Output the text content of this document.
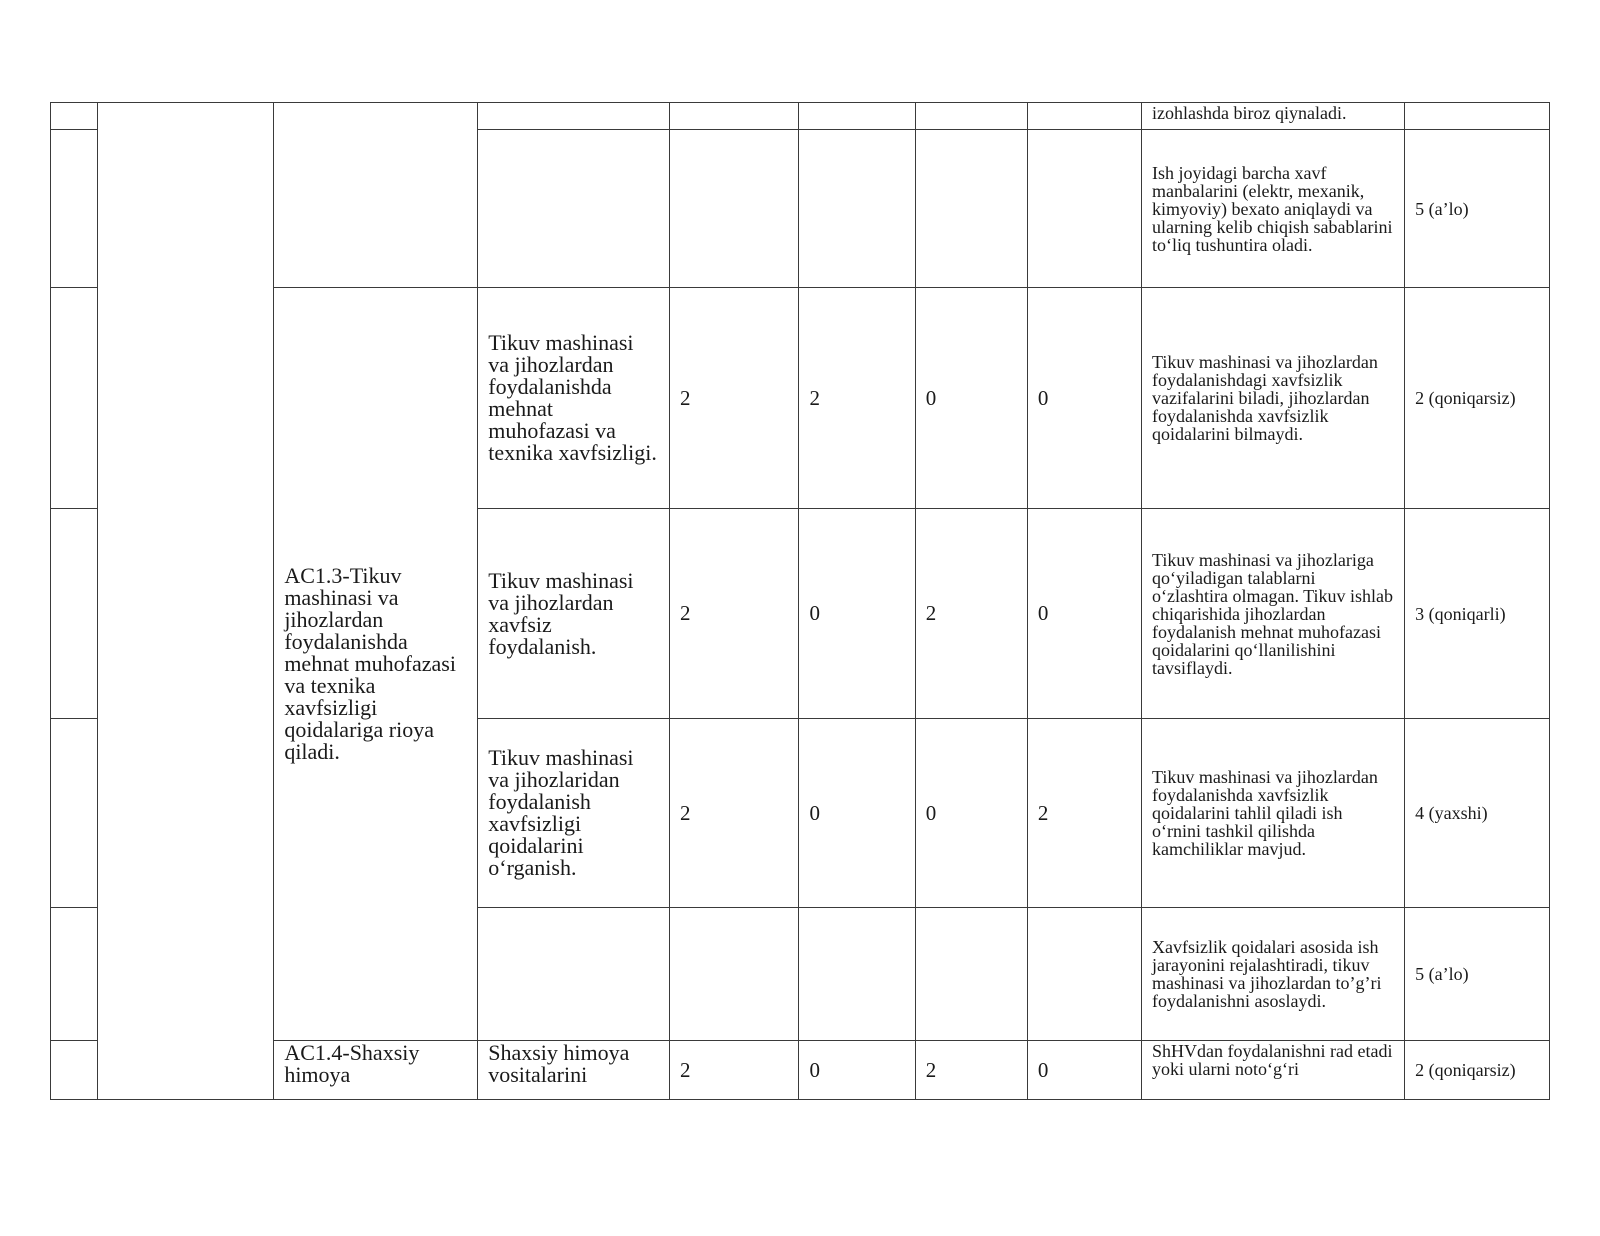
								izohlashda biroz qiynaladi.	
								Ish joyidagi barcha xavf manbalarini (elektr, mexanik, kimyoviy) bexato aniqlaydi va ularning kelib chiqish sabablarini to‘liq tushuntira oladi.	5 (a’lo)
		AC1.3-Tikuv mashinasi va jihozlardan foydalanishda mehnat muhofazasi va texnika xavfsizligi qoidalariga rioya qiladi.	Tikuv mashinasi va jihozlardan foydalanishda mehnat muhofazasi va texnika xavfsizligi.	2	2	0	0	Tikuv mashinasi va jihozlardan foydalanishdagi xavfsizlik vazifalarini biladi, jihozlardan foydalanishda xavfsizlik qoidalarini bilmaydi.	2 (qoniqarsiz)
			Tikuv mashinasi va jihozlardan xavfsiz foydalanish.	2	0	2	0	Tikuv mashinasi va jihozlariga qo‘yiladigan talablarni o‘zlashtira olmagan. Tikuv ishlab chiqarishida jihozlardan foydalanish mehnat muhofazasi qoidalarini qo‘llanilishini tavsiflaydi.	3 (qoniqarli)
			Tikuv mashinasi va jihozlaridan foydalanish xavfsizligi qoidalarini o‘rganish.	2	0	0	2	Tikuv mashinasi va jihozlardan foydalanishda xavfsizlik qoidalarini tahlil qiladi ish o‘rnini tashkil qilishda kamchiliklar mavjud.	4 (yaxshi)
								Xavfsizlik qoidalari asosida ish jarayonini rejalashtiradi, tikuv mashinasi va jihozlardan to’g’ri foydalanishni asoslaydi.	5 (a’lo)
		AC1.4-Shaxsiy himoya	Shaxsiy himoya vositalarini	2	0	2	0	ShHVdan foydalanishni rad etadi yoki ularni noto‘g‘ri	2 (qoniqarsiz)
